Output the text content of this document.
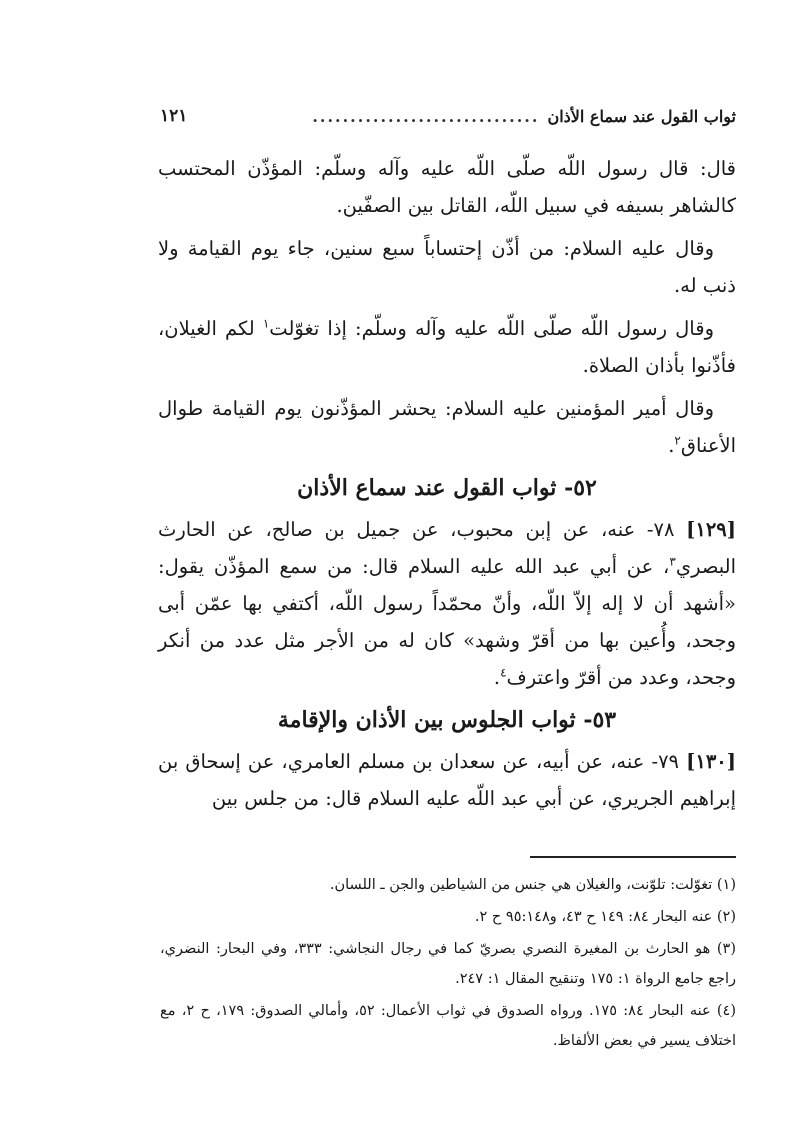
ثواب القول عند سماع الأذان
..............................
١٢١

قال: قال رسول اللّه صلّى اللّه عليه وآله وسلّم: المؤذّن المحتسب كالشاهر بسيفه في سبيل اللّه، القاتل بين الصفّين.

وقال عليه السلام: من أذّن إحتساباً سبع سنين، جاء يوم القيامة ولا ذنب له.

وقال رسول اللّه صلّى اللّه عليه وآله وسلّم: إذا تغوّلت$^١$ لكم الغيلان، فأذّنوا بأذان الصلاة.

وقال أمير المؤمنين عليه السلام: يحشر المؤذّنون يوم القيامة طوال الأعناق$^٢$.

٥٢- ثواب القول عند سماع الأذان

[١٢٩] ٧٨- عنه، عن إبن محبوب، عن جميل بن صالح، عن الحارث البصري$^٣$، عن أبي عبد الله عليه السلام قال: من سمع المؤذّن يقول: «أشهد أن لا إله إلاّ اللّه، وأنّ محمّداً رسول اللّه، أكتفي بها عمّن أبى وجحد، وأُعين بها من أقرّ وشهد» كان له من الأجر مثل عدد من أنكر وجحد، وعدد من أقرّ واعترف$^٤$.

٥٣- ثواب الجلوس بين الأذان والإقامة

[١٣٠] ٧٩- عنه، عن أبيه، عن سعدان بن مسلم العامري، عن إسحاق بن إبراهيم الجريري، عن أبي عبد اللّه عليه السلام قال: من جلس بين

(١) تغوّلت: تلوّنت، والغيلان هي جنس من الشياطين والجن ـ اللسان.

(٢) عنه البحار ٨٤: ١٤٩ ح ٤٣، و٩٥:١٤٨ ح ٢.

(٣) هو الحارث بن المغيرة النصري بصريّ كما في رجال النجاشي: ٣٣٣، وفي البحار: النضري، راجع جامع الرواة ١: ١٧٥ وتنقيح المقال ١: ٢٤٧.

(٤) عنه البحار ٨٤: ١٧٥. ورواه الصدوق في ثواب الأعمال: ٥٢، وأمالي الصدوق: ١٧٩، ح ٢، مع اختلاف يسير في بعض الألفاظ.
